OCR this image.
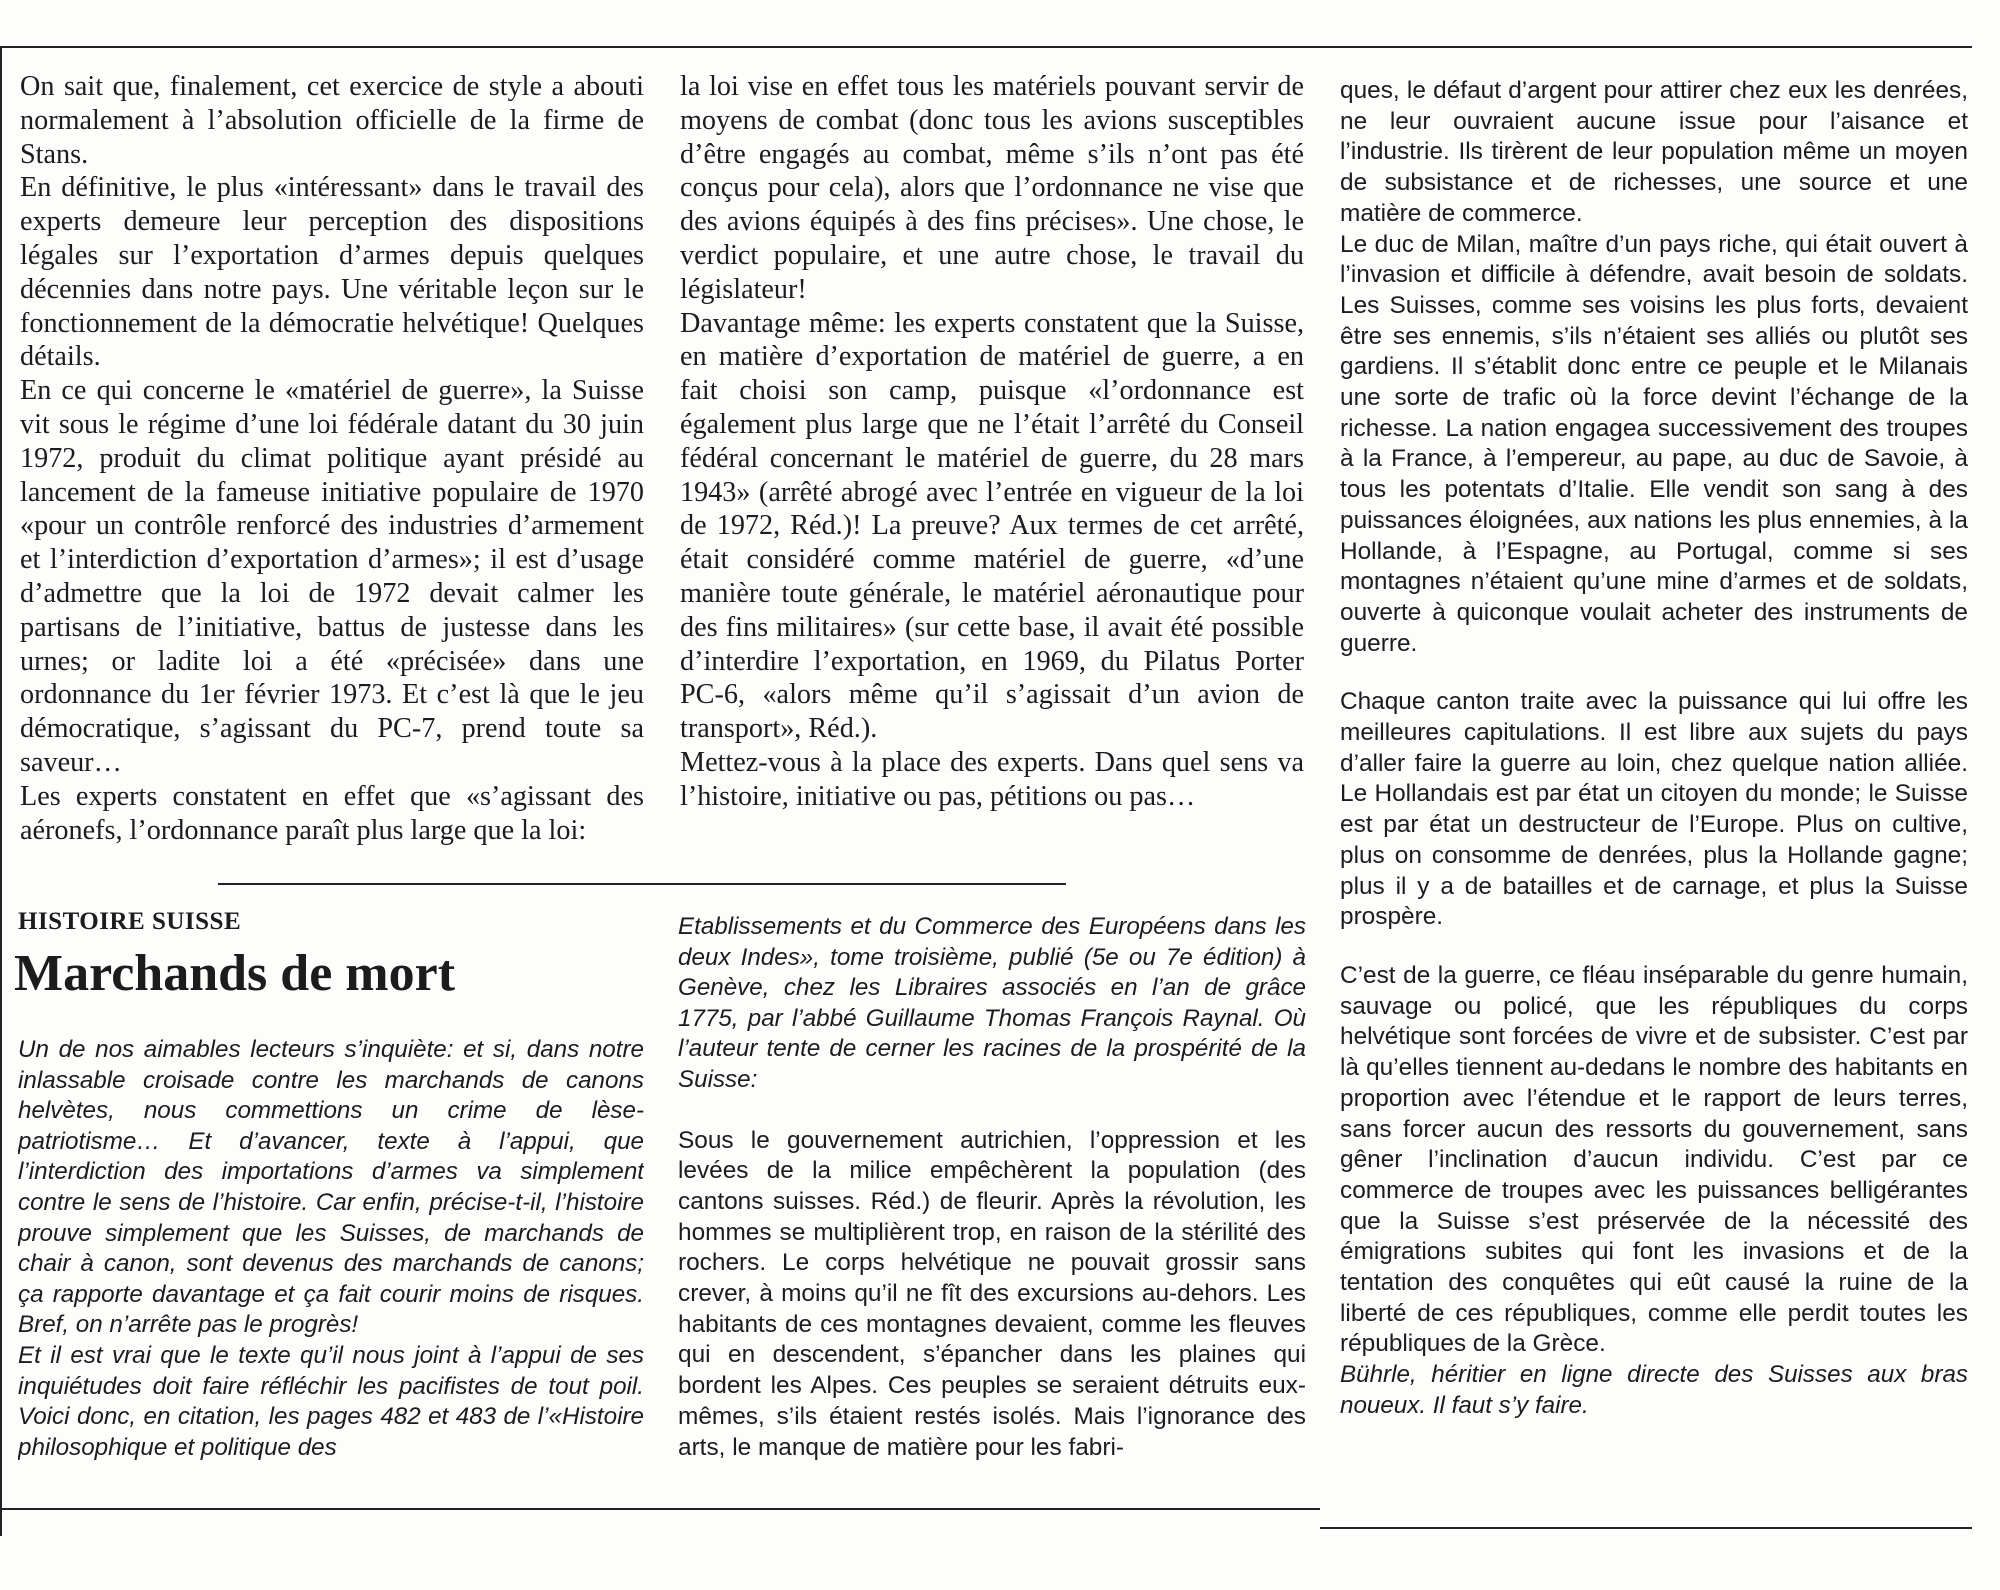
On sait que, finalement, cet exercice de style a abouti normalement à l’absolution officielle de la firme de Stans.

En définitive, le plus «intéressant» dans le travail des experts demeure leur perception des dispositions légales sur l’exportation d’armes depuis quelques décennies dans notre pays. Une véritable leçon sur le fonctionnement de la démocratie helvétique! Quelques détails.

En ce qui concerne le «matériel de guerre», la Suisse vit sous le régime d’une loi fédérale datant du 30 juin 1972, produit du climat politique ayant présidé au lancement de la fameuse initiative populaire de 1970 «pour un contrôle renforcé des industries d’armement et l’interdiction d’exportation d’armes»; il est d’usage d’admettre que la loi de 1972 devait calmer les partisans de l’initiative, battus de justesse dans les urnes; or ladite loi a été «précisée» dans une ordonnance du 1er février 1973. Et c’est là que le jeu démocratique, s’agissant du PC-7, prend toute sa saveur…

Les experts constatent en effet que «s’agissant des aéronefs, l’ordonnance paraît plus large que la loi:

la loi vise en effet tous les matériels pouvant servir de moyens de combat (donc tous les avions susceptibles d’être engagés au combat, même s’ils n’ont pas été conçus pour cela), alors que l’ordonnance ne vise que des avions équipés à des fins précises». Une chose, le verdict populaire, et une autre chose, le travail du législateur!

Davantage même: les experts constatent que la Suisse, en matière d’exportation de matériel de guerre, a en fait choisi son camp, puisque «l’ordonnance est également plus large que ne l’était l’arrêté du Conseil fédéral concernant le matériel de guerre, du 28 mars 1943» (arrêté abrogé avec l’entrée en vigueur de la loi de 1972, Réd.)! La preuve? Aux termes de cet arrêté, était considéré comme matériel de guerre, «d’une manière toute générale, le matériel aéronautique pour des fins militaires» (sur cette base, il avait été possible d’interdire l’exportation, en 1969, du Pilatus Porter PC-6, «alors même qu’il s’agissait d’un avion de transport», Réd.).

Mettez-vous à la place des experts. Dans quel sens va l’histoire, initiative ou pas, pétitions ou pas…

HISTOIRE SUISSE
Marchands de mort

Un de nos aimables lecteurs s’inquiète: et si, dans notre inlassable croisade contre les marchands de canons helvètes, nous commettions un crime de lèse-patriotisme… Et d’avancer, texte à l’appui, que l’interdiction des importations d’armes va simplement contre le sens de l’histoire. Car enfin, précise-t-il, l’histoire prouve simplement que les Suisses, de marchands de chair à canon, sont devenus des marchands de canons; ça rapporte davantage et ça fait courir moins de risques. Bref, on n’arrête pas le progrès!

Et il est vrai que le texte qu’il nous joint à l’appui de ses inquiétudes doit faire réfléchir les pacifistes de tout poil. Voici donc, en citation, les pages 482 et 483 de l’«Histoire philosophique et politique des

Etablissements et du Commerce des Européens dans les deux Indes», tome troisième, publié (5e ou 7e édition) à Genève, chez les Libraires associés en l’an de grâce 1775, par l’abbé Guillaume Thomas François Raynal. Où l’auteur tente de cerner les racines de la prospérité de la Suisse:

Sous le gouvernement autrichien, l’oppression et les levées de la milice empêchèrent la population (des cantons suisses. Réd.) de fleurir. Après la révolution, les hommes se multiplièrent trop, en raison de la stérilité des rochers. Le corps helvétique ne pouvait grossir sans crever, à moins qu’il ne fît des excursions au-dehors. Les habitants de ces montagnes devaient, comme les fleuves qui en descendent, s’épancher dans les plaines qui bordent les Alpes. Ces peuples se seraient détruits eux-mêmes, s’ils étaient restés isolés. Mais l’ignorance des arts, le manque de matière pour les fabri-

ques, le défaut d’argent pour attirer chez eux les denrées, ne leur ouvraient aucune issue pour l’aisance et l’industrie. Ils tirèrent de leur population même un moyen de subsistance et de richesses, une source et une matière de commerce.

Le duc de Milan, maître d’un pays riche, qui était ouvert à l’invasion et difficile à défendre, avait besoin de soldats. Les Suisses, comme ses voisins les plus forts, devaient être ses ennemis, s’ils n’étaient ses alliés ou plutôt ses gardiens. Il s’établit donc entre ce peuple et le Milanais une sorte de trafic où la force devint l’échange de la richesse. La nation engagea successivement des troupes à la France, à l’empereur, au pape, au duc de Savoie, à tous les potentats d’Italie. Elle vendit son sang à des puissances éloignées, aux nations les plus ennemies, à la Hollande, à l’Espagne, au Portugal, comme si ses montagnes n’étaient qu’une mine d’armes et de soldats, ouverte à quiconque voulait acheter des instruments de guerre.

Chaque canton traite avec la puissance qui lui offre les meilleures capitulations. Il est libre aux sujets du pays d’aller faire la guerre au loin, chez quelque nation alliée. Le Hollandais est par état un citoyen du monde; le Suisse est par état un destructeur de l’Europe. Plus on cultive, plus on consomme de denrées, plus la Hollande gagne; plus il y a de batailles et de carnage, et plus la Suisse prospère.

C’est de la guerre, ce fléau inséparable du genre humain, sauvage ou policé, que les républiques du corps helvétique sont forcées de vivre et de subsister. C’est par là qu’elles tiennent au-dedans le nombre des habitants en proportion avec l’étendue et le rapport de leurs terres, sans forcer aucun des ressorts du gouvernement, sans gêner l’inclination d’aucun individu. C’est par ce commerce de troupes avec les puissances belligérantes que la Suisse s’est préservée de la nécessité des émigrations subites qui font les invasions et de la tentation des conquêtes qui eût causé la ruine de la liberté de ces républiques, comme elle perdit toutes les républiques de la Grèce.

Bührle, héritier en ligne directe des Suisses aux bras noueux. Il faut s’y faire.
